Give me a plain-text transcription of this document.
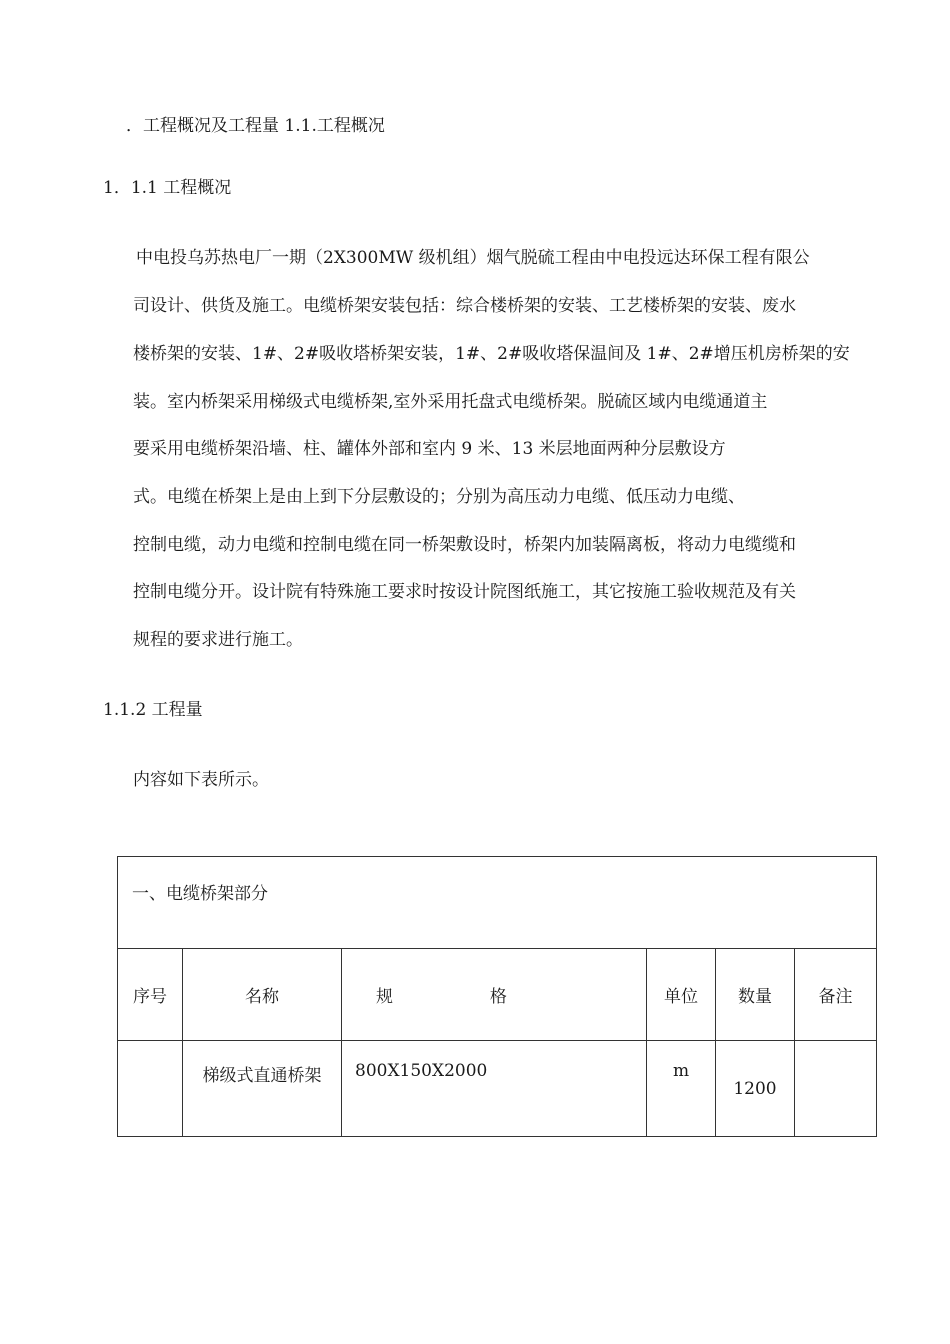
．工程概况及工程量 1.1.工程概况
1．1.1 工程概况
中电投乌苏热电厂一期（2X300MW 级机组）烟气脱硫工程由中电投远达环保工程有限公
司设计、供货及施工。电缆桥架安装包括：综合楼桥架的安装、工艺楼桥架的安装、废水
楼桥架的安装、1#、2#吸收塔桥架安装，1#、2#吸收塔保温间及 1#、2#增压机房桥架的安
装。室内桥架采用梯级式电缆桥架,室外采用托盘式电缆桥架。脱硫区域内电缆通道主
要采用电缆桥架沿墙、柱、罐体外部和室内 9 米、13 米层地面两种分层敷设方
式。电缆在桥架上是由上到下分层敷设的；分别为高压动力电缆、低压动力电缆、
控制电缆，动力电缆和控制电缆在同一桥架敷设时，桥架内加装隔离板，将动力电缆缆和
控制电缆分开。设计院有特殊施工要求时按设计院图纸施工，其它按施工验收规范及有关
规程的要求进行施工。
1.1.2 工程量
内容如下表所示。
一、电缆桥架部分					
序号	名称	规 格	单位	数量	备注
	梯级式直通桥架	800X150X2000	m	1200	
